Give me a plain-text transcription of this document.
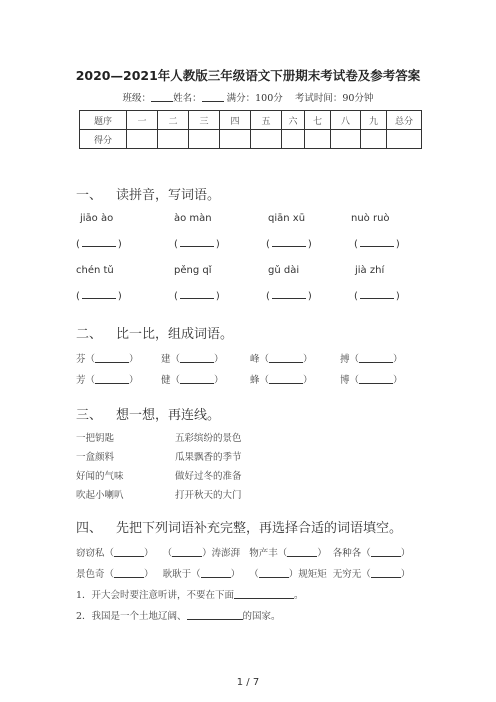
2020—2021年人教版三年级语文下册期末考试卷及参考答案
班级： 姓名：	满分：100分 考试时间：90分钟
题序	一	二	三	四	五	六	七	八	九	总分
得分										
一、 读拼音，写词语。
jiāo ào	ào màn	qiān xū	nuò ruò
(	)	(	)	(	)	(	)
chén tǔ	pěng qǐ	gǔ dài	jià zhí
(	)	(	)	(	)	(	)
二、 比一比，组成词语。
芬（	） 建（	）	峰（	）	搏（	）
芳（	） 健（	）	蜂（	）	博（	）
三、 想一想，再连线。
一把钥匙
一盒颜料
好闻的气味
吹起小喇叭
五彩缤纷的景色
瓜果飘香的季节
做好过冬的准备
打开秋天的大门
四、 先把下列词语补充完整，再选择合适的词语填空。
窃窃私（	） （	）涛澎湃 物产丰（	） 各种各（	）
景色奇（	） 耿耿于（	） （	）规矩矩 无穷无（	）
1．开大会时要注意听讲，不要在下面	。
2．我国是一个土地辽阔、	的国家。
1 / 7
